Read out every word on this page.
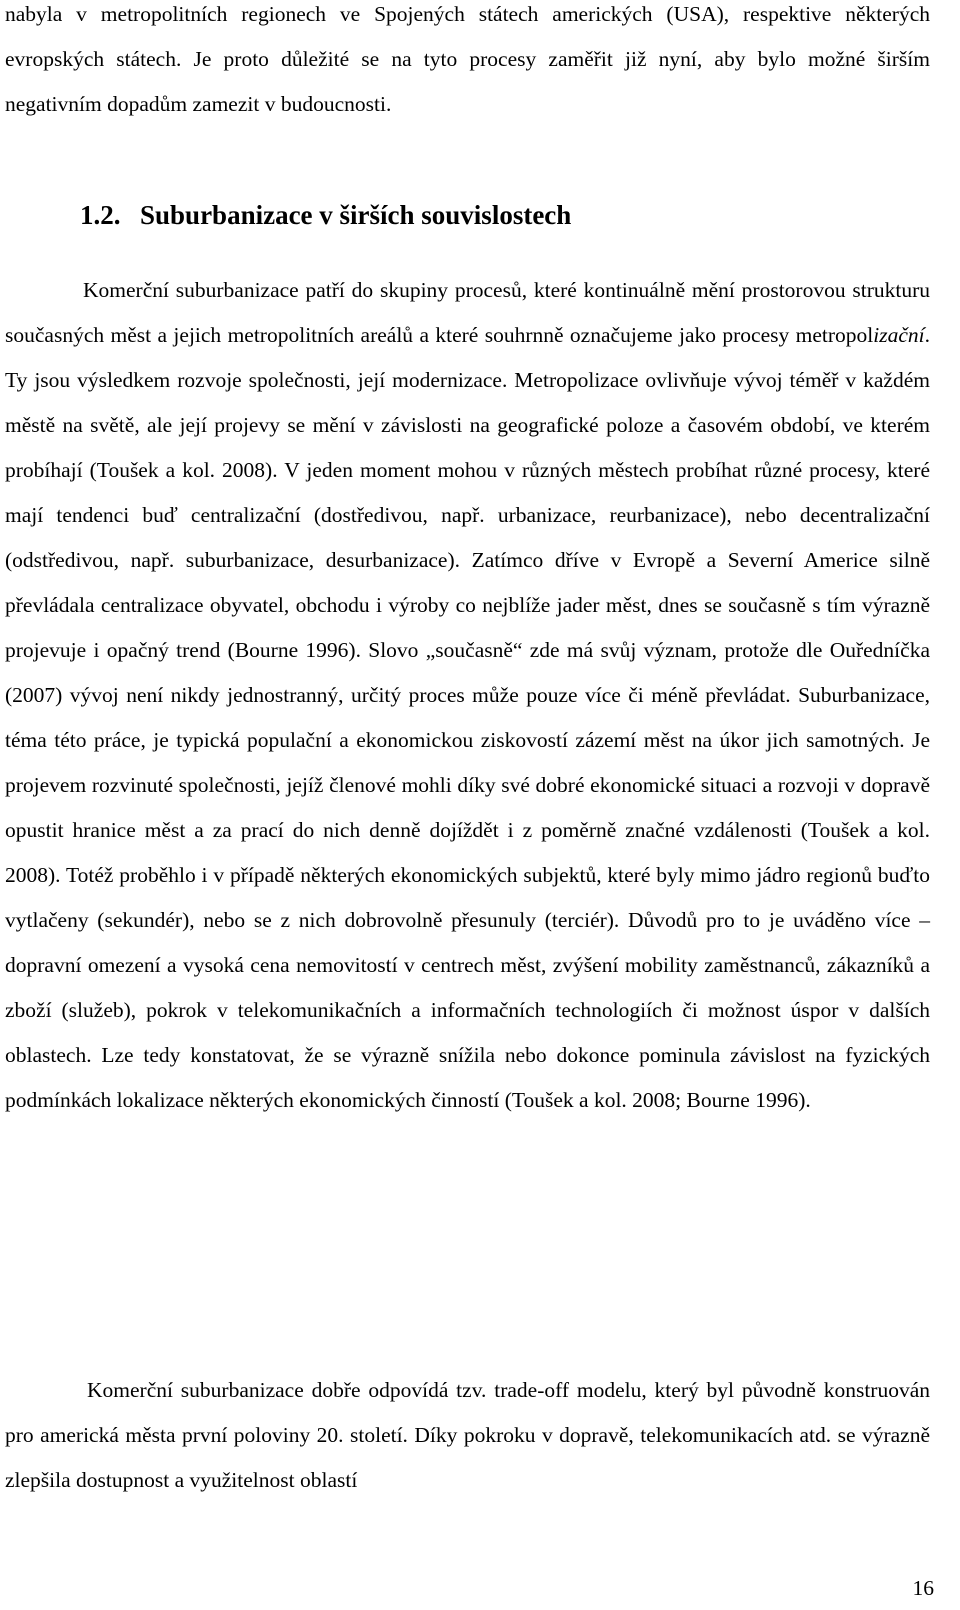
nabyla v metropolitních regionech ve Spojených státech amerických (USA), respektive některých evropských státech. Je proto důležité se na tyto procesy zaměřit již nyní, aby bylo možné širším negativním dopadům zamezit v budoucnosti.

1.2. Suburbanizace v širších souvislostech

Komerční suburbanizace patří do skupiny procesů, které kontinuálně mění prostorovou strukturu současných měst a jejich metropolitních areálů a které souhrnně označujeme jako procesy metropolizační. Ty jsou výsledkem rozvoje společnosti, její modernizace. Metropolizace ovlivňuje vývoj téměř v každém městě na světě, ale její projevy se mění v závislosti na geografické poloze a časovém období, ve kterém probíhají (Toušek a kol. 2008). V jeden moment mohou v různých městech probíhat různé procesy, které mají tendenci buď centralizační (dostředivou, např. urbanizace, reurbanizace), nebo decentralizační (odstředivou, např. suburbanizace, desurbanizace). Zatímco dříve v Evropě a Severní Americe silně převládala centralizace obyvatel, obchodu i výroby co nejblíže jader měst, dnes se současně s tím výrazně projevuje i opačný trend (Bourne 1996). Slovo „současně“ zde má svůj význam, protože dle Ouředníčka (2007) vývoj není nikdy jednostranný, určitý proces může pouze více či méně převládat. Suburbanizace, téma této práce, je typická populační a ekonomickou ziskovostí zázemí měst na úkor jich samotných. Je projevem rozvinuté společnosti, jejíž členové mohli díky své dobré ekonomické situaci a rozvoji v dopravě opustit hranice měst a za prací do nich denně dojíždět i z poměrně značné vzdálenosti (Toušek a kol. 2008). Totéž proběhlo i v případě některých ekonomických subjektů, které byly mimo jádro regionů buďto vytlačeny (sekundér), nebo se z nich dobrovolně přesunuly (terciér). Důvodů pro to je uváděno více – dopravní omezení a vysoká cena nemovitostí v centrech měst, zvýšení mobility zaměstnanců, zákazníků a zboží (služeb), pokrok v telekomunikačních a informačních technologiích či možnost úspor v dalších oblastech. Lze tedy konstatovat, že se výrazně snížila nebo dokonce pominula závislost na fyzických podmínkách lokalizace některých ekonomických činností (Toušek a kol. 2008; Bourne 1996).

Komerční suburbanizace dobře odpovídá tzv. trade-off modelu, který byl původně konstruován pro americká města první poloviny 20. století. Díky pokroku v dopravě, telekomunikacích atd. se výrazně zlepšila dostupnost a využitelnost oblastí

16
